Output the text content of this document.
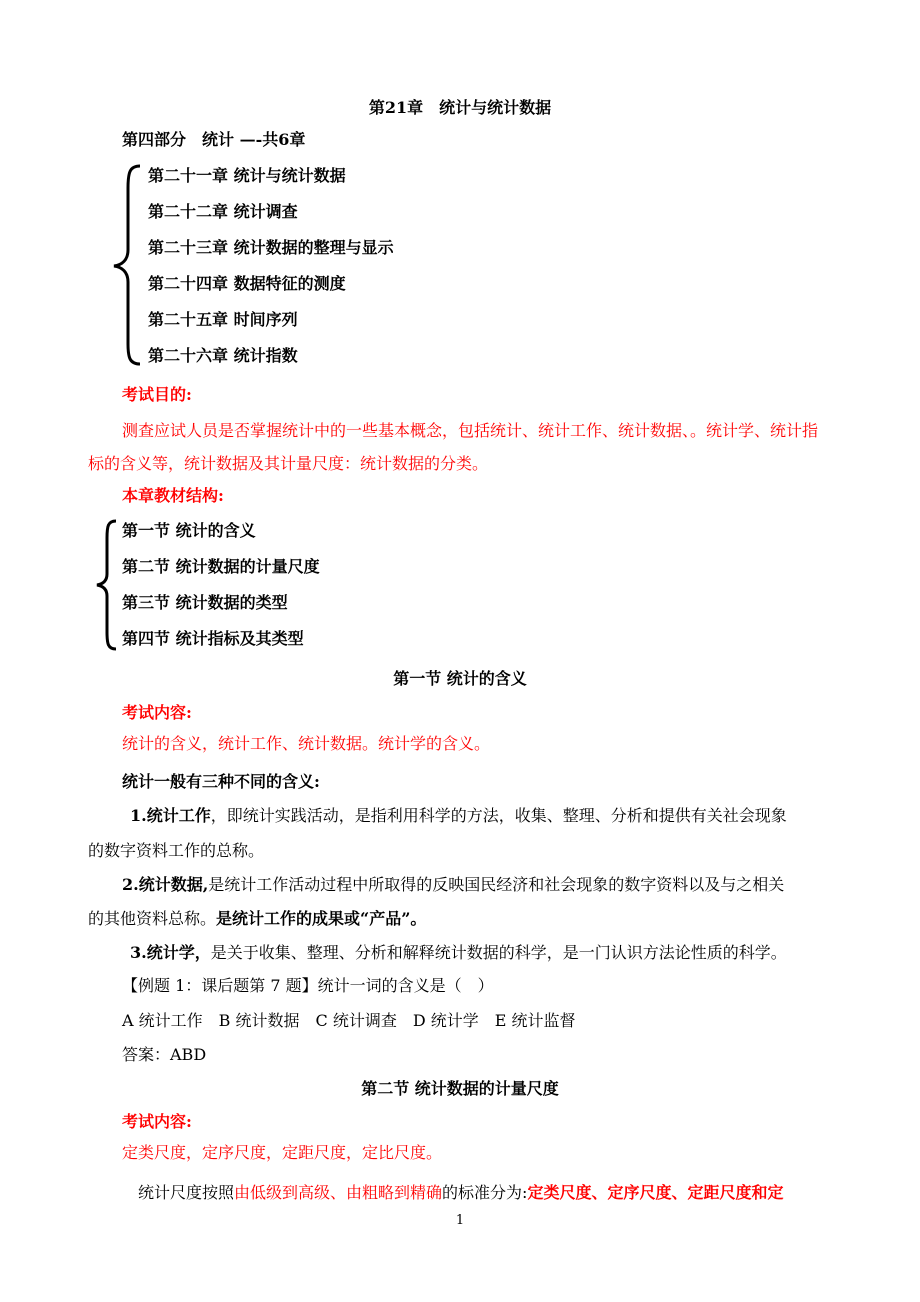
第21章　统计与统计数据
第四部分　统计 —-共6章
第二十一章 统计与统计数据
第二十二章 统计调查
第二十三章 统计数据的整理与显示
第二十四章 数据特征的测度
第二十五章 时间序列
第二十六章 统计指数
考试目的:
测查应试人员是否掌握统计中的一些基本概念，包括统计、统计工作、统计数据、。统计学、统计指
标的含义等，统计数据及其计量尺度：统计数据的分类。
本章教材结构:
第一节 统计的含义
第二节 统计数据的计量尺度
第三节 统计数据的类型
第四节 统计指标及其类型
第一节 统计的含义
考试内容:
统计的含义，统计工作、统计数据。统计学的含义。
统计一般有三种不同的含义:
1.统计工作，即统计实践活动，是指利用科学的方法，收集、整理、分析和提供有关社会现象
的数字资料工作的总称。
2.统计数据,是统计工作活动过程中所取得的反映国民经济和社会现象的数字资料以及与之相关
的其他资料总称。是统计工作的成果或“产品”。
3.统计学，是关于收集、整理、分析和解释统计数据的科学，是一门认识方法论性质的科学。
【例题 1：课后题第 7 题】统计一词的含义是（　）
A 统计工作　B 统计数据　C 统计调查　D 统计学　E 统计监督
答案：ABD
第二节 统计数据的计量尺度
考试内容:
定类尺度，定序尺度，定距尺度，定比尺度。
统计尺度按照由低级到高级、由粗略到精确的标准分为:定类尺度、定序尺度、定距尺度和定
1
